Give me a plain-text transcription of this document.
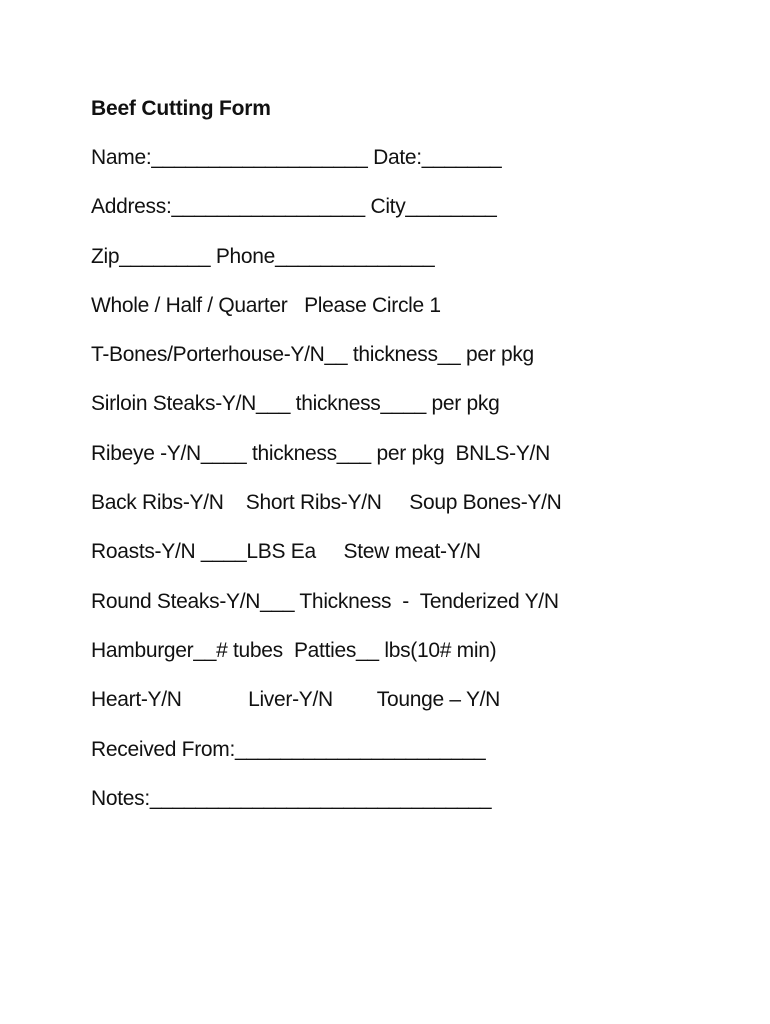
Beef Cutting Form
Name:___________________ Date:_______
Address:_________________ City________
Zip________ Phone______________
Whole / Half / Quarter   Please Circle 1
T-Bones/Porterhouse-Y/N__ thickness__ per pkg
Sirloin Steaks-Y/N___ thickness____ per pkg
Ribeye -Y/N____ thickness___ per pkg  BNLS-Y/N
Back Ribs-Y/N    Short Ribs-Y/N     Soup Bones-Y/N
Roasts-Y/N ____LBS Ea     Stew meat-Y/N
Round Steaks-Y/N___ Thickness  -  Tenderized Y/N
Hamburger__# tubes  Patties__ lbs(10# min)
Heart-Y/N            Liver-Y/N        Tounge – Y/N
Received From:______________________
Notes:______________________________
